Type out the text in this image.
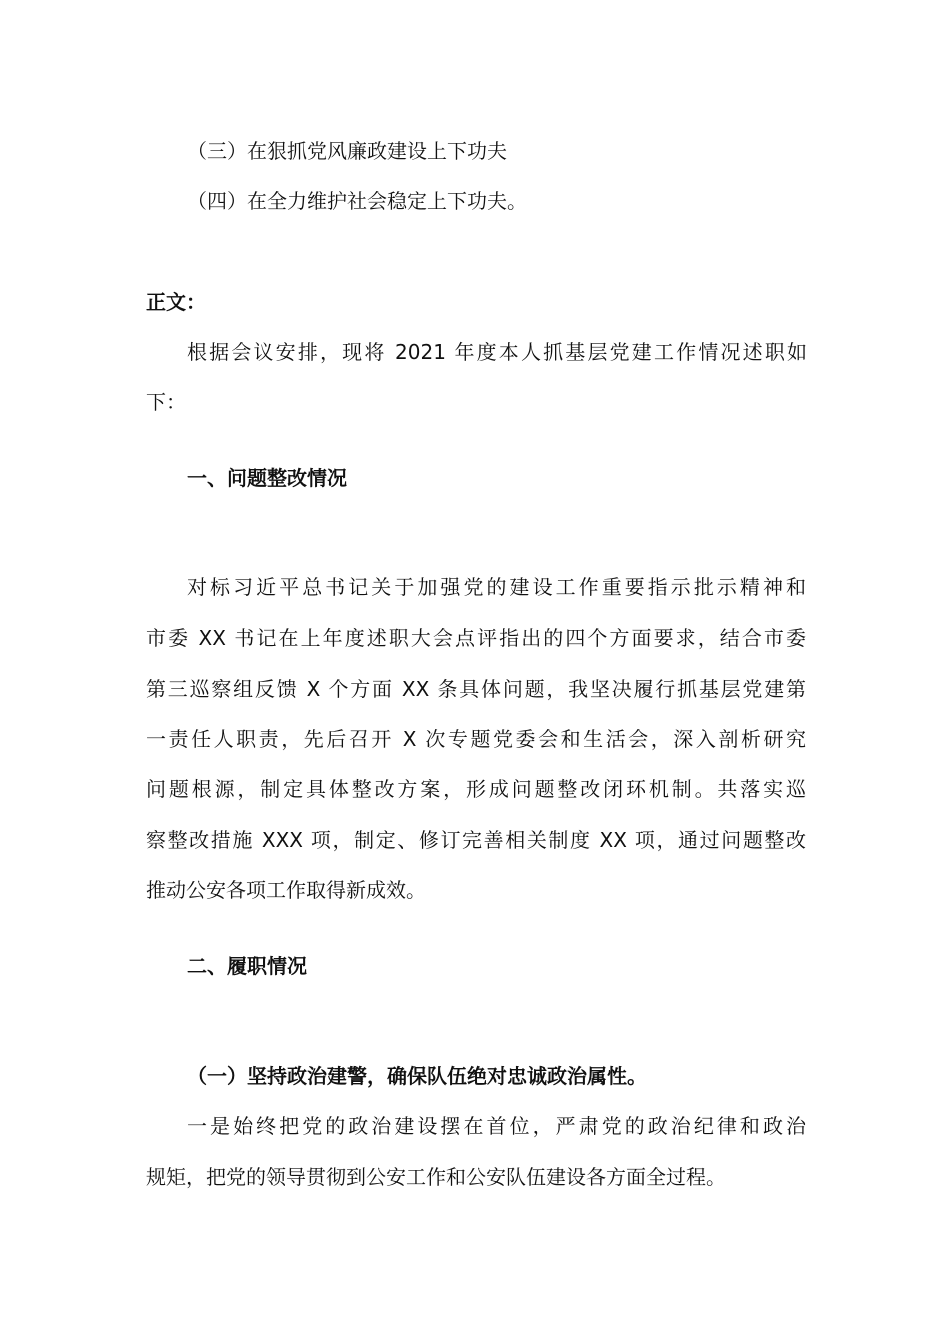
（三）在狠抓党风廉政建设上下功夫
（四）在全力维护社会稳定上下功夫。
正文：
根据会议安排，现将 2021 年度本人抓基层党建工作情况述职如
下：
一、问题整改情况
对标习近平总书记关于加强党的建设工作重要指示批示精神和
市委 XX 书记在上年度述职大会点评指出的四个方面要求，结合市委
第三巡察组反馈 X 个方面 XX 条具体问题，我坚决履行抓基层党建第
一责任人职责，先后召开 X 次专题党委会和生活会，深入剖析研究
问题根源，制定具体整改方案，形成问题整改闭环机制。共落实巡
察整改措施 XXX 项，制定、修订完善相关制度 XX 项，通过问题整改
推动公安各项工作取得新成效。
二、履职情况
（一）坚持政治建警，确保队伍绝对忠诚政治属性。
一是始终把党的政治建设摆在首位，严肃党的政治纪律和政治
规矩，把党的领导贯彻到公安工作和公安队伍建设各方面全过程。
